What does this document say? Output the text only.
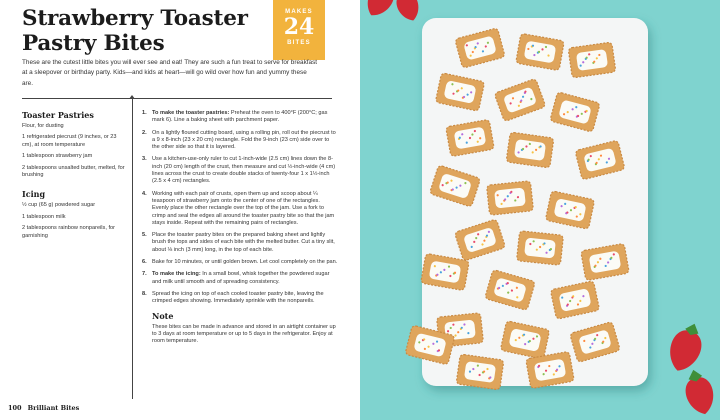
Strawberry Toaster
Pastry Bites
MAKES
24
BITES

These are the cutest little bites you will ever see and eat! They are such a fun treat to serve for breakfast at a sleepover or birthday party. Kids—and kids at heart—will go wild over how fun and yummy these are.

Toaster Pastries
Flour, for dusting
1 refrigerated piecrust (9 inches, or 23 cm), at room temperature
1 tablespoon strawberry jam
2 tablespoons unsalted butter, melted, for brushing
Icing
½ cup (65 g) powdered sugar
1 tablespoon milk
2 tablespoons rainbow nonpareils, for garnishing
1. To make the toaster pastries: Preheat the oven to 400°F (200°C; gas mark 6). Line a baking sheet with parchment paper.
2. On a lightly floured cutting board, using a rolling pin, roll out the piecrust to a 9 x 8-inch (23 x 20 cm) rectangle. Fold the 9-inch (23 cm) side over to the other side so that it is layered.
3. Use a kitchen-use-only ruler to cut 1-inch-wide (2.5 cm) lines down the 8-inch (20 cm) length of the crust, then measure and cut ½-inch-wide (4 cm) lines across the crust to create double stacks of twenty-four 1 x 1½-inch (2.5 x 4 cm) rectangles.
4. Working with each pair of crusts, open them up and scoop about ¼ teaspoon of strawberry jam onto the center of one of the rectangles. Evenly place the other rectangle over the top of the jam. Use a fork to crimp and seal the edges all around the toaster pastry bite so that the jam stays inside. Repeat with the remaining pairs of rectangles.
5. Place the toaster pastry bites on the prepared baking sheet and lightly brush the tops and sides of each bite with the melted butter. Cut a tiny slit, about ⅛ inch (3 mm) long, in the top of each bite.
6. Bake for 10 minutes, or until golden brown. Let cool completely on the pan.
7. To make the icing: In a small bowl, whisk together the powdered sugar and milk until smooth and of spreading consistency.
8. Spread the icing on top of each cooled toaster pastry bite, leaving the crimped edges showing. Immediately sprinkle with the nonpareils.
Note
These bites can be made in advance and stored in an airtight container up to 3 days at room temperature or up to 5 days in the refrigerator. Enjoy at room temperature.
100 Brilliant Bites
